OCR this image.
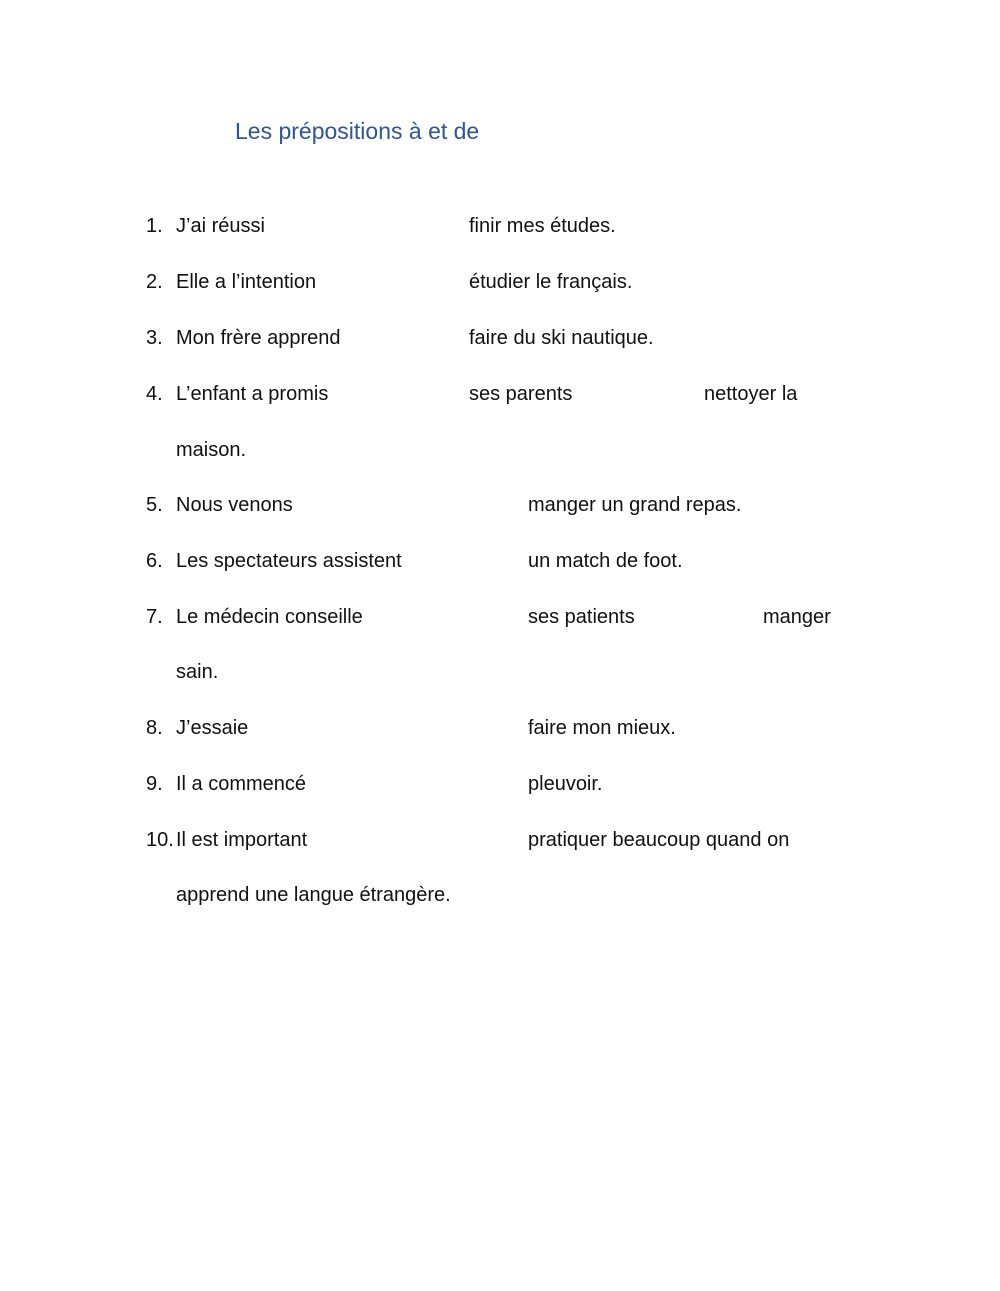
Les prépositions à et de
1. J’ai réussi	finir mes études.
2. Elle a l’intention	étudier le français.
3. Mon frère apprend	faire du ski nautique.
4. L’enfant a promis	ses parents	nettoyer la
maison.
5. Nous venons	manger un grand repas.
6. Les spectateurs assistent	un match de foot.
7. Le médecin conseille	ses patients	manger
sain.
8. J’essaie	faire mon mieux.
9. Il a commencé	pleuvoir.
10. Il est important	pratiquer beaucoup quand on
apprend une langue étrangère.
